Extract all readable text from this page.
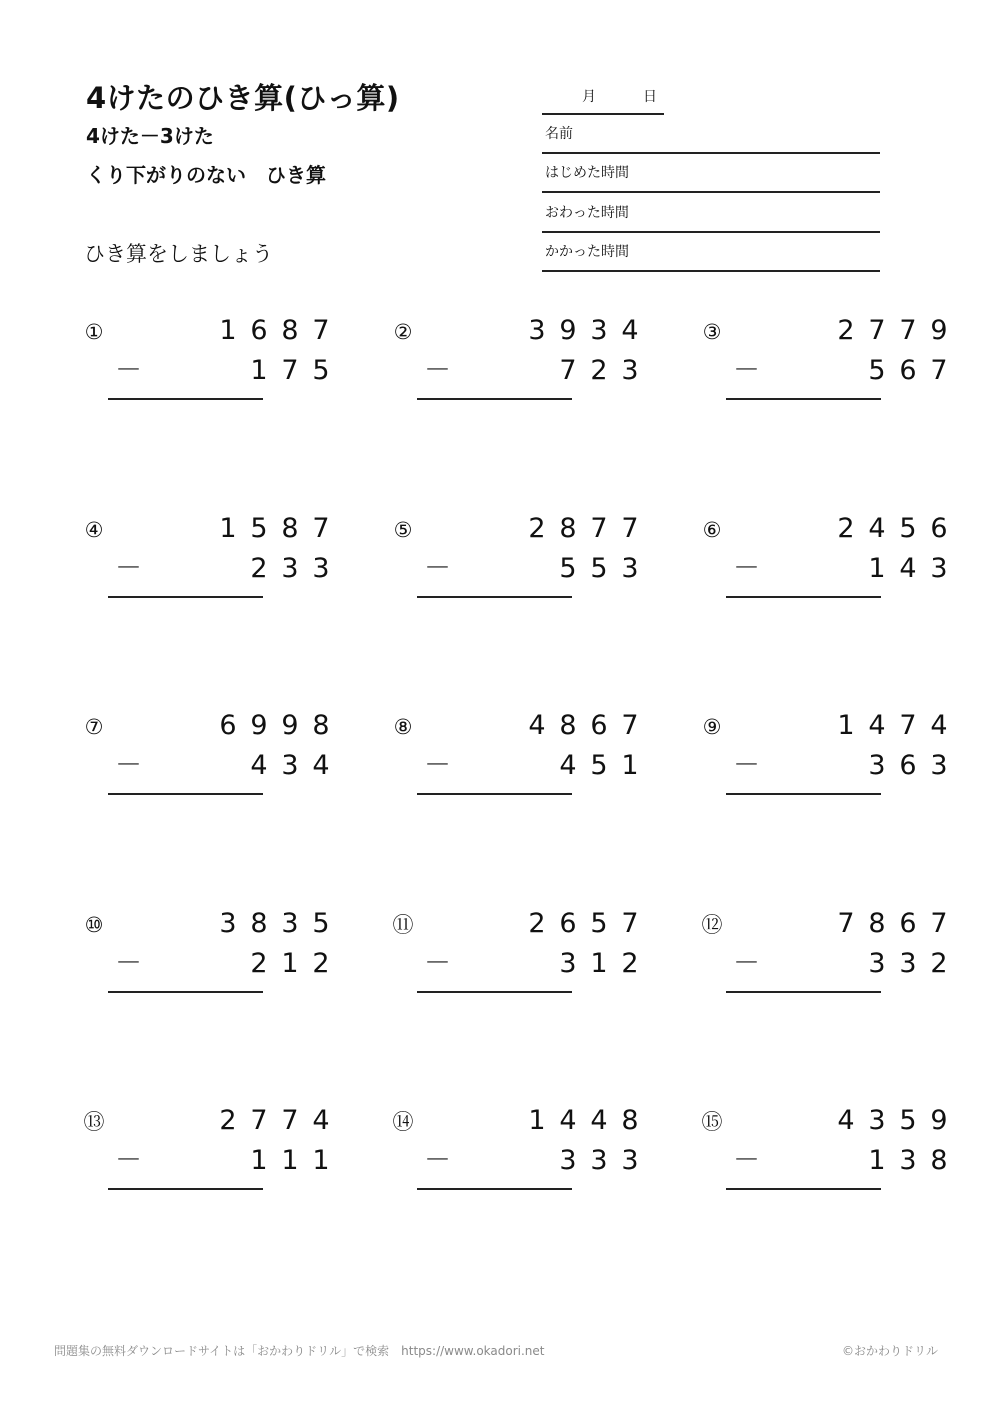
4けたのひき算(ひっ算)
4けた－3けた
くり下がりのない　ひき算
ひき算をしましょう
月	日
名前
はじめた時間
おわった時間
かかった時間
①	1 6 8 7
－	1 7 5
②	3 9 3 4
－	7 2 3
③	2 7 7 9
－	5 6 7
④	1 5 8 7
－	2 3 3
⑤	2 8 7 7
－	5 5 3
⑥	2 4 5 6
－	1 4 3
⑦	6 9 9 8
－	4 3 4
⑧	4 8 6 7
－	4 5 1
⑨	1 4 7 4
－	3 6 3
⑩	3 8 3 5
－	2 1 2
⑪	2 6 5 7
－	3 1 2
⑫	7 8 6 7
－	3 3 2
⑬	2 7 7 4
－	1 1 1
⑭	1 4 4 8
－	3 3 3
⑮	4 3 5 9
－	1 3 8
問題集の無料ダウンロードサイトは「おかわりドリル」で検索　https://www.okadori.net	©おかわりドリル
